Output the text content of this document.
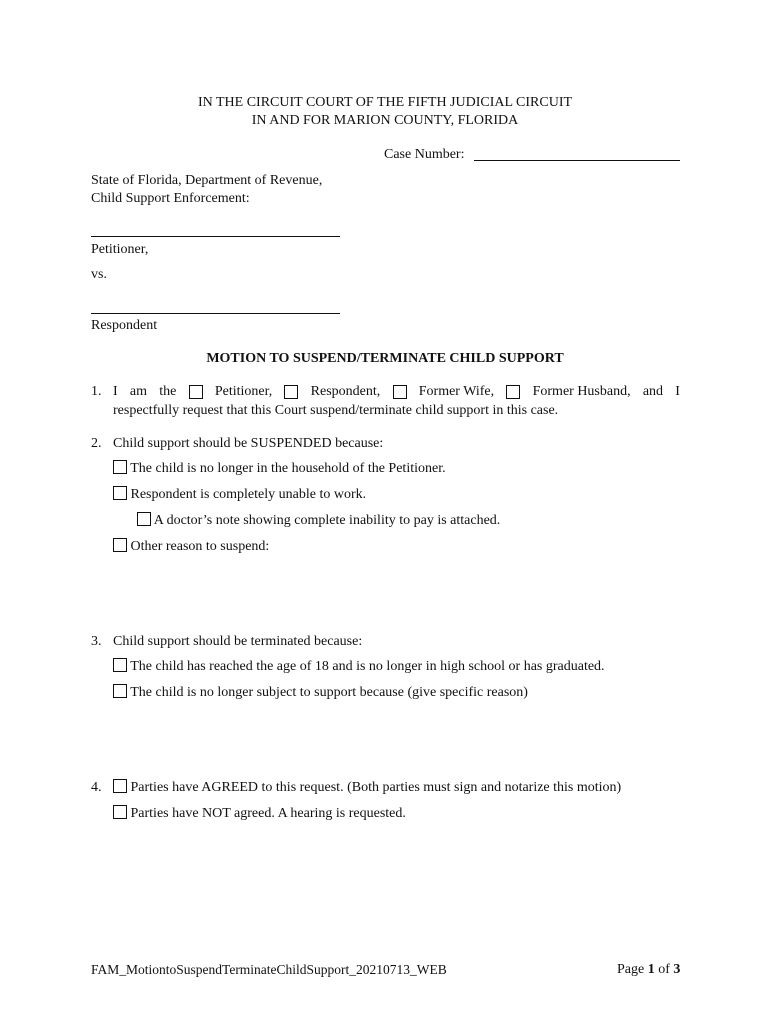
IN THE CIRCUIT COURT OF THE FIFTH JUDICIAL CIRCUIT
IN AND FOR MARION COUNTY, FLORIDA
Case Number:
State of Florida, Department of Revenue,
Child Support Enforcement:
Petitioner,
vs.
Respondent
MOTION TO SUSPEND/TERMINATE CHILD SUPPORT
1. I am the	Petitioner,	Respondent,	Former Wife,	Former Husband, and I
respectfully request that this Court suspend/terminate child support in this case.
2. Child support should be SUSPENDED because:
The child is no longer in the household of the Petitioner.
Respondent is completely unable to work.
A doctor’s note showing complete inability to pay is attached.
Other reason to suspend:
3. Child support should be terminated because:
The child has reached the age of 18 and is no longer in high school or has graduated.
The child is no longer subject to support because (give specific reason)
4.	Parties have AGREED to this request. (Both parties must sign and notarize this motion)
Parties have NOT agreed. A hearing is requested.
FAM_MotiontoSuspendTerminateChildSupport_20210713_WEB	Page 1 of 3
